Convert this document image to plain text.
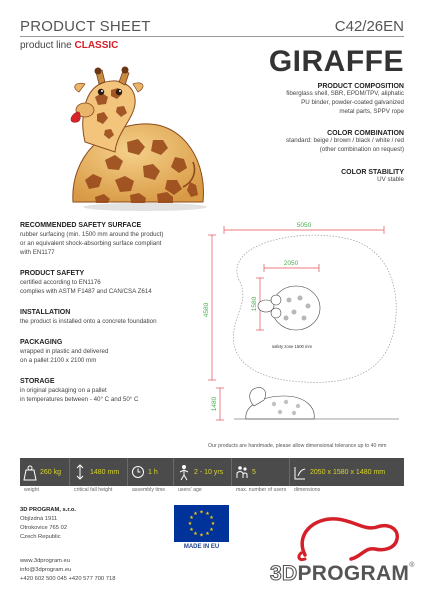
PRODUCT SHEET	C42/26EN
product line CLASSIC	GIRAFFE
PRODUCT COMPOSITION
fiberglass shell, SBR, EPDM/TPV, aliphatic
PU binder, powder-coated galvanized
metal parts, SPPV rope
COLOR COMBINATION
standard: beige / brown / black / white / red
(other combination on request)
COLOR STABILITY
UV stable
RECOMMENDED SAFETY SURFACE
rubber surfacing (min. 1500 mm around the product)
or an equivalent shock-absorbing surface compliant
with EN1177
PRODUCT SAFETY
certified according to EN1176
complies with ASTM F1487 and CAN/CSA Z614
INSTALLATION
the product is installed onto a concrete foundation
PACKAGING
wrapped in plastic and delivered
on a pallet 2100 x 2100 mm
STORAGE
in original packaging on a pallet
in temperatures between - 40° C and 50° C
5050
2050
4580	1580
1480
safety zone 1500 mm
Our products are handmade, please allow dimensional tolerance up to 40 mm
260 kg	1480 mm	1 h	2 - 10 yrs	5	2050 x 1580 x 1480 mm
weight	critical fall height	assembly time	users' age	max. number of users	dimensions
3D PROGRAM, s.r.o.
Objízdná 1911
Otrokovice 765 02
Czech Republic
www.3dprogram.eu
info@3dprogram.eu
+420 602 500 045 +420 577 700 718
★ ★
★
★
★
★
★
★
★
★
★
★
MADE IN EU
3DPROGRAM®
